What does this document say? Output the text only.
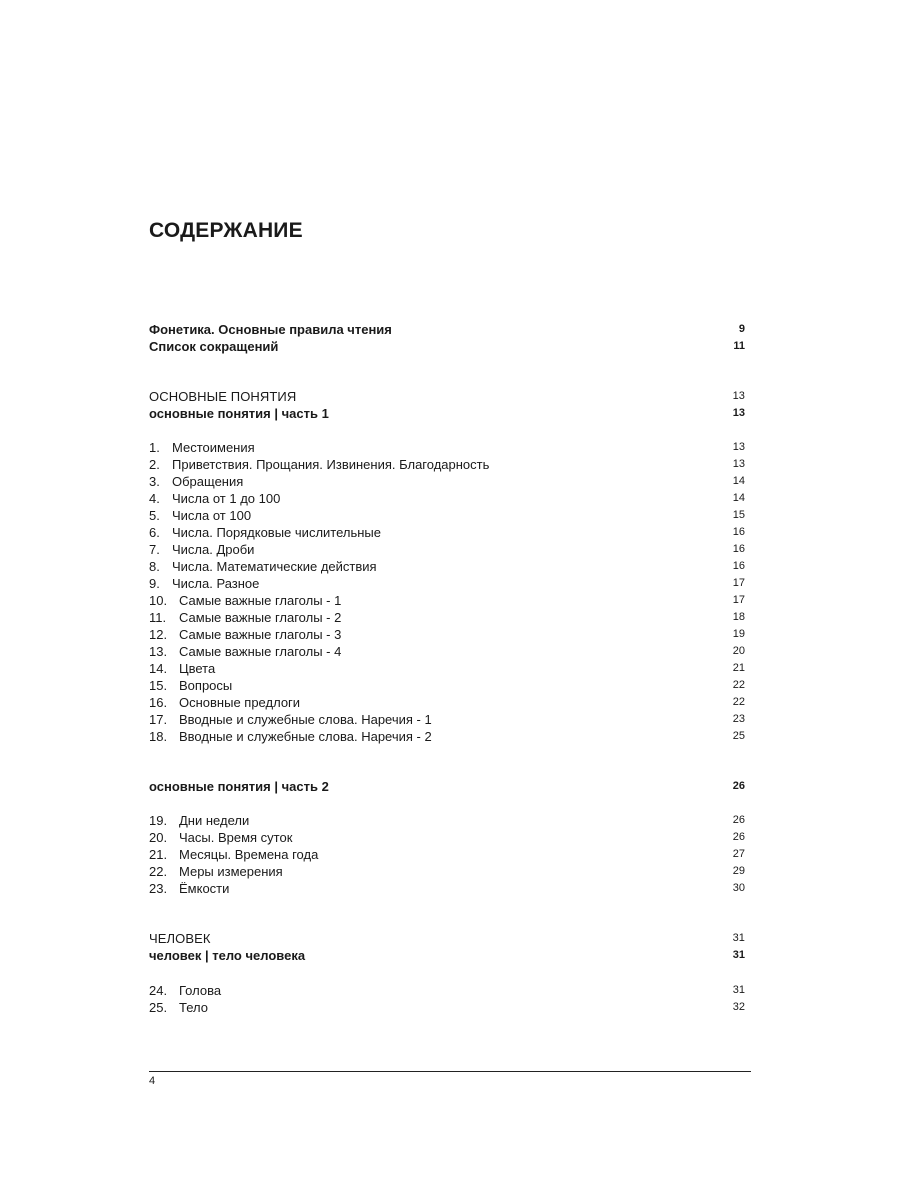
СОДЕРЖАНИЕ
Фонетика. Основные правила чтения	9
Список сокращений	11
ОСНОВНЫЕ ПОНЯТИЯ	13
основные понятия | часть 1	13
1. Местоимения	13
2. Приветствия. Прощания. Извинения. Благодарность	13
3. Обращения	14
4. Числа от 1 до 100	14
5. Числа от 100	15
6. Числа. Порядковые числительные	16
7. Числа. Дроби	16
8. Числа. Математические действия	16
9. Числа. Разное	17
10. Самые важные глаголы - 1	17
11. Самые важные глаголы - 2	18
12. Самые важные глаголы - 3	19
13. Самые важные глаголы - 4	20
14. Цвета	21
15. Вопросы	22
16. Основные предлоги	22
17. Вводные и служебные слова. Наречия - 1	23
18. Вводные и служебные слова. Наречия - 2	25
основные понятия | часть 2	26
19. Дни недели	26
20. Часы. Время суток	26
21. Месяцы. Времена года	27
22. Меры измерения	29
23. Ёмкости	30
ЧЕЛОВЕК	31
человек | тело человека	31
24. Голова	31
25. Тело	32
4
